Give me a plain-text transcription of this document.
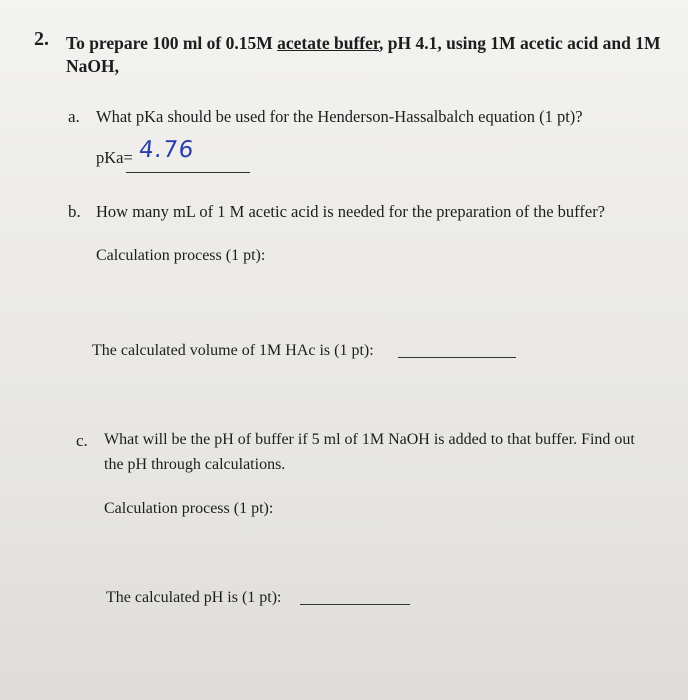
2. To prepare 100 ml of 0.15M acetate buffer, pH 4.1, using 1M acetic acid and 1M
NaOH,
a. What pKa should be used for the Henderson-Hassalbalch equation (1 pt)?
pKa= 4.76
b. How many mL of 1 M acetic acid is needed for the preparation of the buffer?
Calculation process (1 pt):
The calculated volume of 1M HAc is (1 pt):
c. What will be the pH of buffer if 5 ml of 1M NaOH is added to that buffer. Find out
the pH through calculations.
Calculation process (1 pt):
The calculated pH is (1 pt):
